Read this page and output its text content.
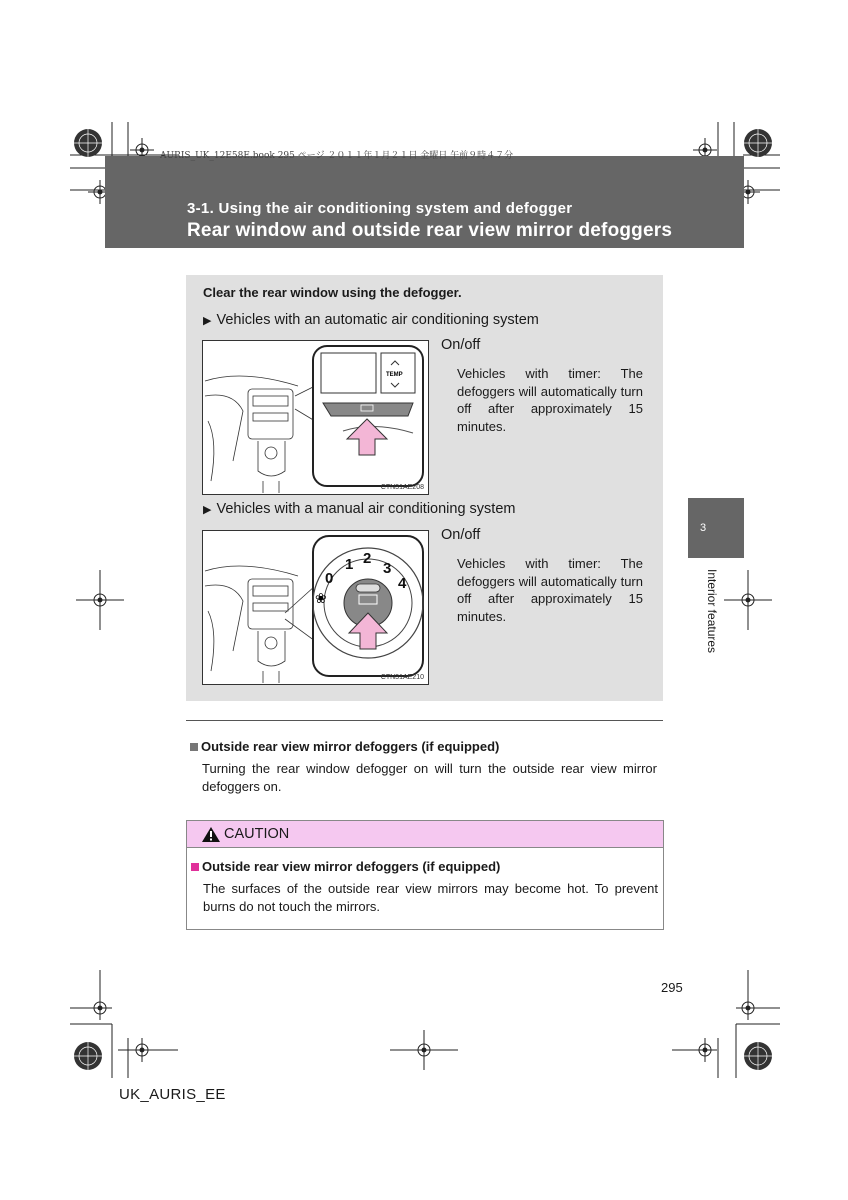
3-1. Using the air conditioning system and defogger
Rear window and outside rear view mirror defoggers
AURIS_UK_12E58E.book 295 ページ ２０１１年１月２１日 金曜日 午前９時４７分
Clear the rear window using the defogger.
▶ Vehicles with an automatic air conditioning system
TEMP
CTN31AE208
On/off
Vehicles with timer: The defoggers will automatically turn off after approximately 15 minutes.
▶ Vehicles with a manual air conditioning system
0
1 2
3
4
❀
CTN31AE210
On/off
Vehicles with timer: The defoggers will automatically turn off after approximately 15 minutes.
Outside rear view mirror defoggers (if equipped)
Turning the rear window defogger on will turn the outside rear view mirror defoggers on.
CAUTION
Outside rear view mirror defoggers (if equipped)
The surfaces of the outside rear view mirrors may become hot. To prevent burns do not touch the mirrors.
3
Interior features
295
UK_AURIS_EE
